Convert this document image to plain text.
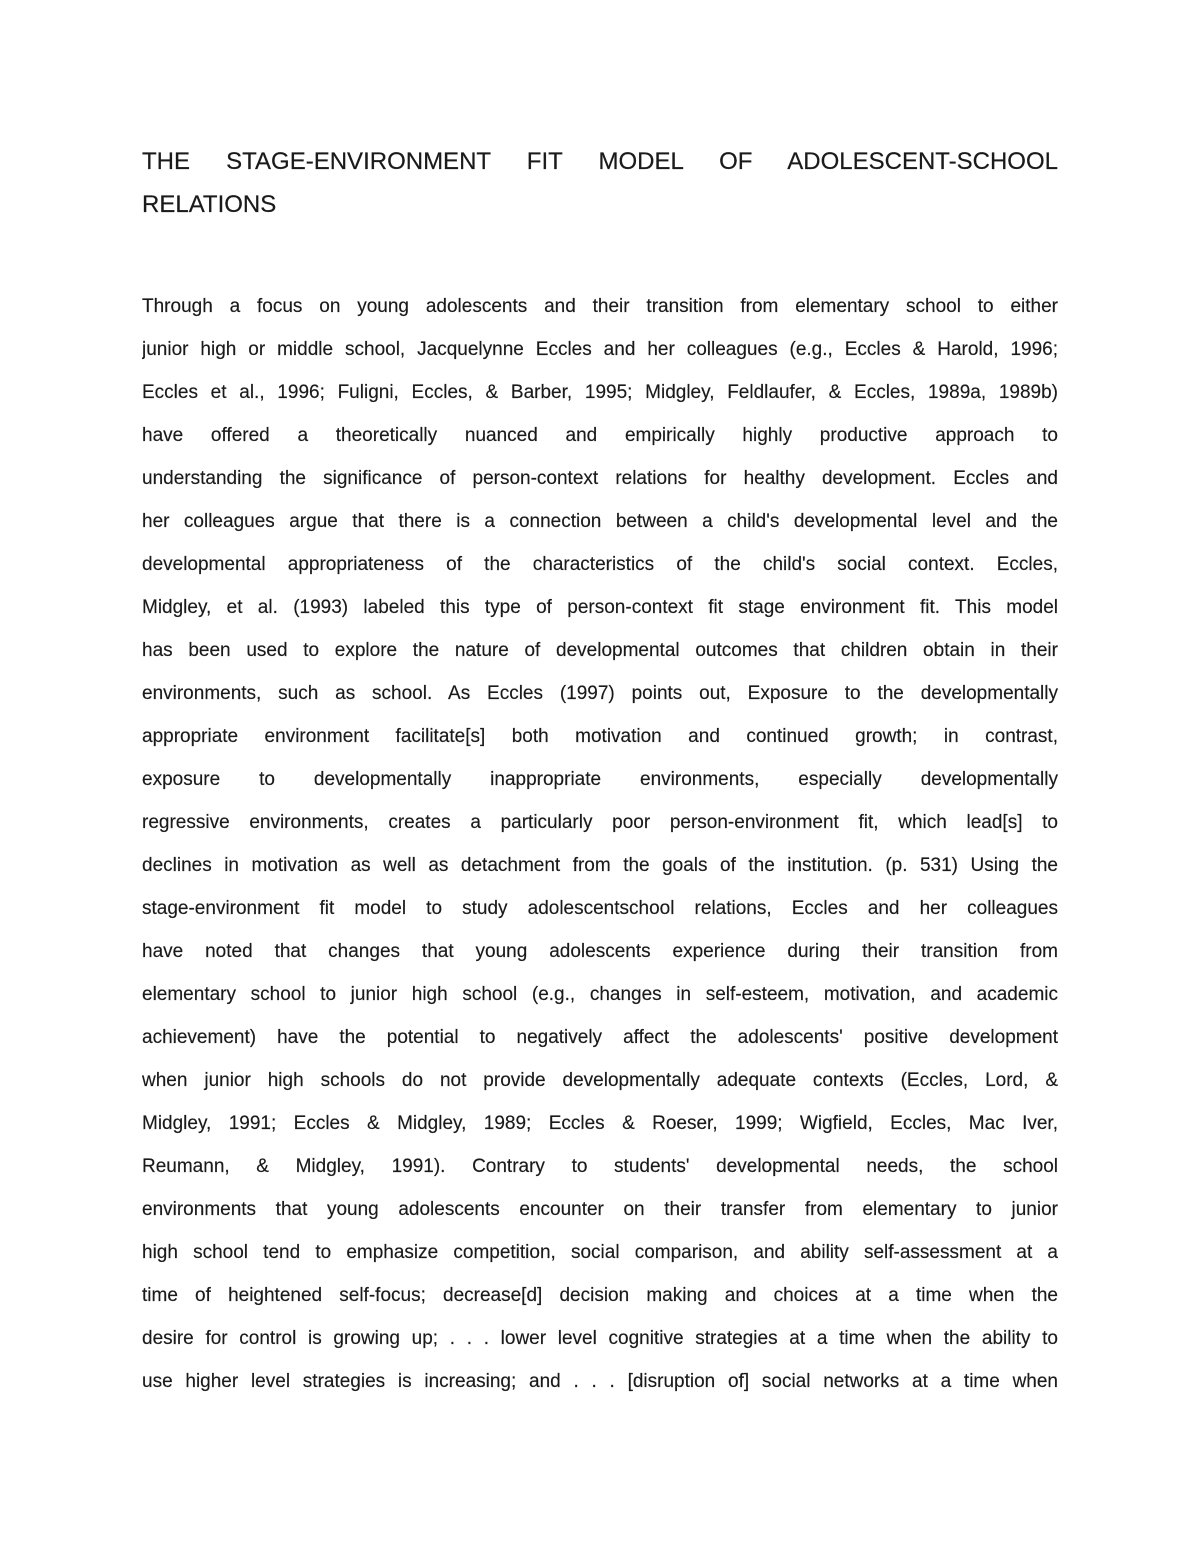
THE STAGE-ENVIRONMENT FIT MODEL OF ADOLESCENT-SCHOOL
RELATIONS
Through a focus on young adolescents and their transition from elementary school to either
junior high or middle school, Jacquelynne Eccles and her colleagues (e.g., Eccles & Harold, 1996;
Eccles et al., 1996; Fuligni, Eccles, & Barber, 1995; Midgley, Feldlaufer, & Eccles, 1989a, 1989b)
have offered a theoretically nuanced and empirically highly productive approach to
understanding the significance of person-context relations for healthy development. Eccles and
her colleagues argue that there is a connection between a child's developmental level and the
developmental appropriateness of the characteristics of the child's social context. Eccles,
Midgley, et al. (1993) labeled this type of person-context fit stage environment fit. This model
has been used to explore the nature of developmental outcomes that children obtain in their
environments, such as school. As Eccles (1997) points out, Exposure to the developmentally
appropriate environment facilitate[s] both motivation and continued growth; in contrast,
exposure to developmentally inappropriate environments, especially developmentally
regressive environments, creates a particularly poor person-environment fit, which lead[s] to
declines in motivation as well as detachment from the goals of the institution. (p. 531) Using the
stage-environment fit model to study adolescentschool relations, Eccles and her colleagues
have noted that changes that young adolescents experience during their transition from
elementary school to junior high school (e.g., changes in self-esteem, motivation, and academic
achievement) have the potential to negatively affect the adolescents' positive development
when junior high schools do not provide developmentally adequate contexts (Eccles, Lord, &
Midgley, 1991; Eccles & Midgley, 1989; Eccles & Roeser, 1999; Wigfield, Eccles, Mac Iver,
Reumann, & Midgley, 1991). Contrary to students' developmental needs, the school
environments that young adolescents encounter on their transfer from elementary to junior
high school tend to emphasize competition, social comparison, and ability self-assessment at a
time of heightened self-focus; decrease[d] decision making and choices at a time when the
desire for control is growing up; . . . lower level cognitive strategies at a time when the ability to
use higher level strategies is increasing; and . . . [disruption of] social networks at a time when
